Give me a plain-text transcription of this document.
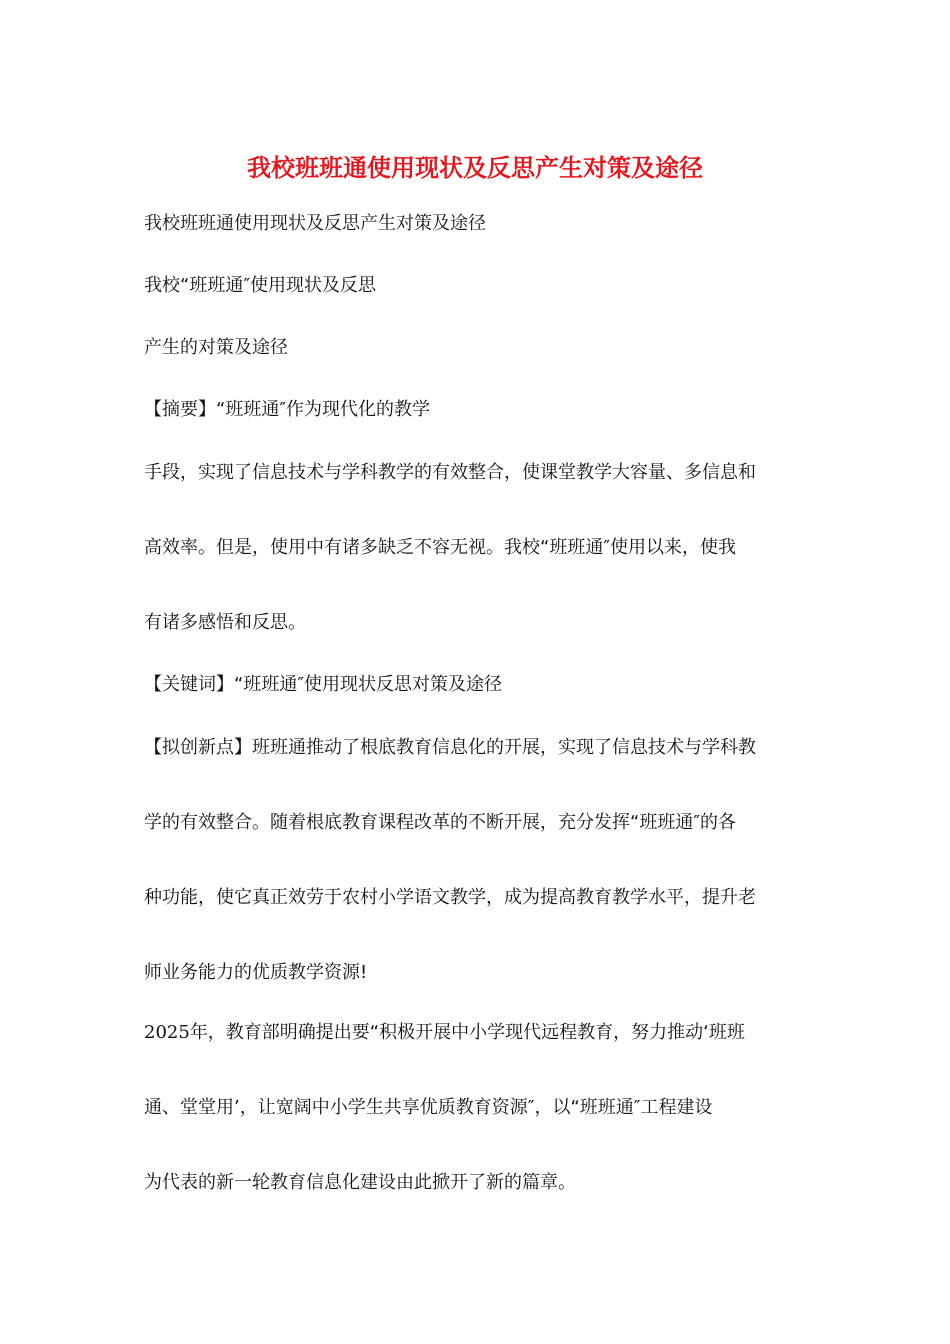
我校班班通使用现状及反思产生对策及途径

我校班班通使用现状及反思产生对策及途径

我校“班班通″使用现状及反思

产生的对策及途径

【摘要】“班班通″作为现代化的教学

手段，实现了信息技术与学科教学的有效整合，使课堂教学大容量、多信息和
高效率。但是，使用中有诸多缺乏不容无视。我校“班班通″使用以来，使我
有诸多感悟和反思。

【关键词】“班班通″使用现状反思对策及途径

【拟创新点】班班通推动了根底教育信息化的开展，实现了信息技术与学科教
学的有效整合。随着根底教育课程改革的不断开展，充分发挥“班班通″的各
种功能，使它真正效劳于农村小学语文教学，成为提高教育教学水平，提升老
师业务能力的优质教学资源!
2025年，教育部明确提出要“积极开展中小学现代远程教育，努力推动‘班班
通、堂堂用’，让宽阔中小学生共享优质教育资源″，以“班班通″工程建设
为代表的新一轮教育信息化建设由此掀开了新的篇章。
